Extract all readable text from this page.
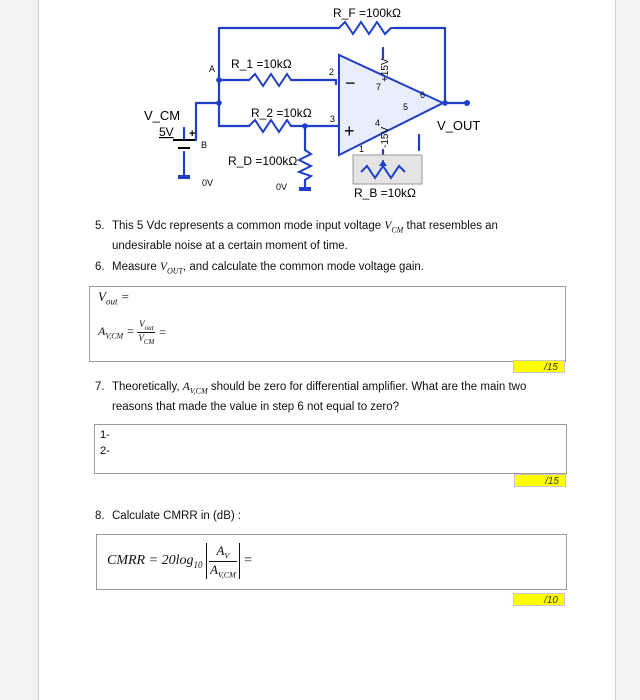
−
+
+15V
-15V
+
R_F =100kΩ
R_1 =10kΩ
R_2 =10kΩ
R_D =100kΩ
R_B =10kΩ
V_CM
5V
A
B
0V	0V
V_OUT
1
2
3	4
5
6
7
5. This 5 Vdc represents a common mode input voltage $V_{CM}$ that resembles an undesirable noise at a certain moment of time.
6. Measure $V_{OUT}$, and calculate the common mode voltage gain.
$V_{out}$ =
$A_{V,CM} = \frac{V_{out}}{V_{CM}}$ =
/15
7. Theoretically, $A_{V,CM}$ should be zero for differential amplifier. What are the main two reasons that made the value in step 6 not equal to zero?
1-
2-
/15
8. Calculate CMRR in (dB) :
CMRR = $20\log_{10} \frac{A_V}{A_{V,CM}}$ =
/10
